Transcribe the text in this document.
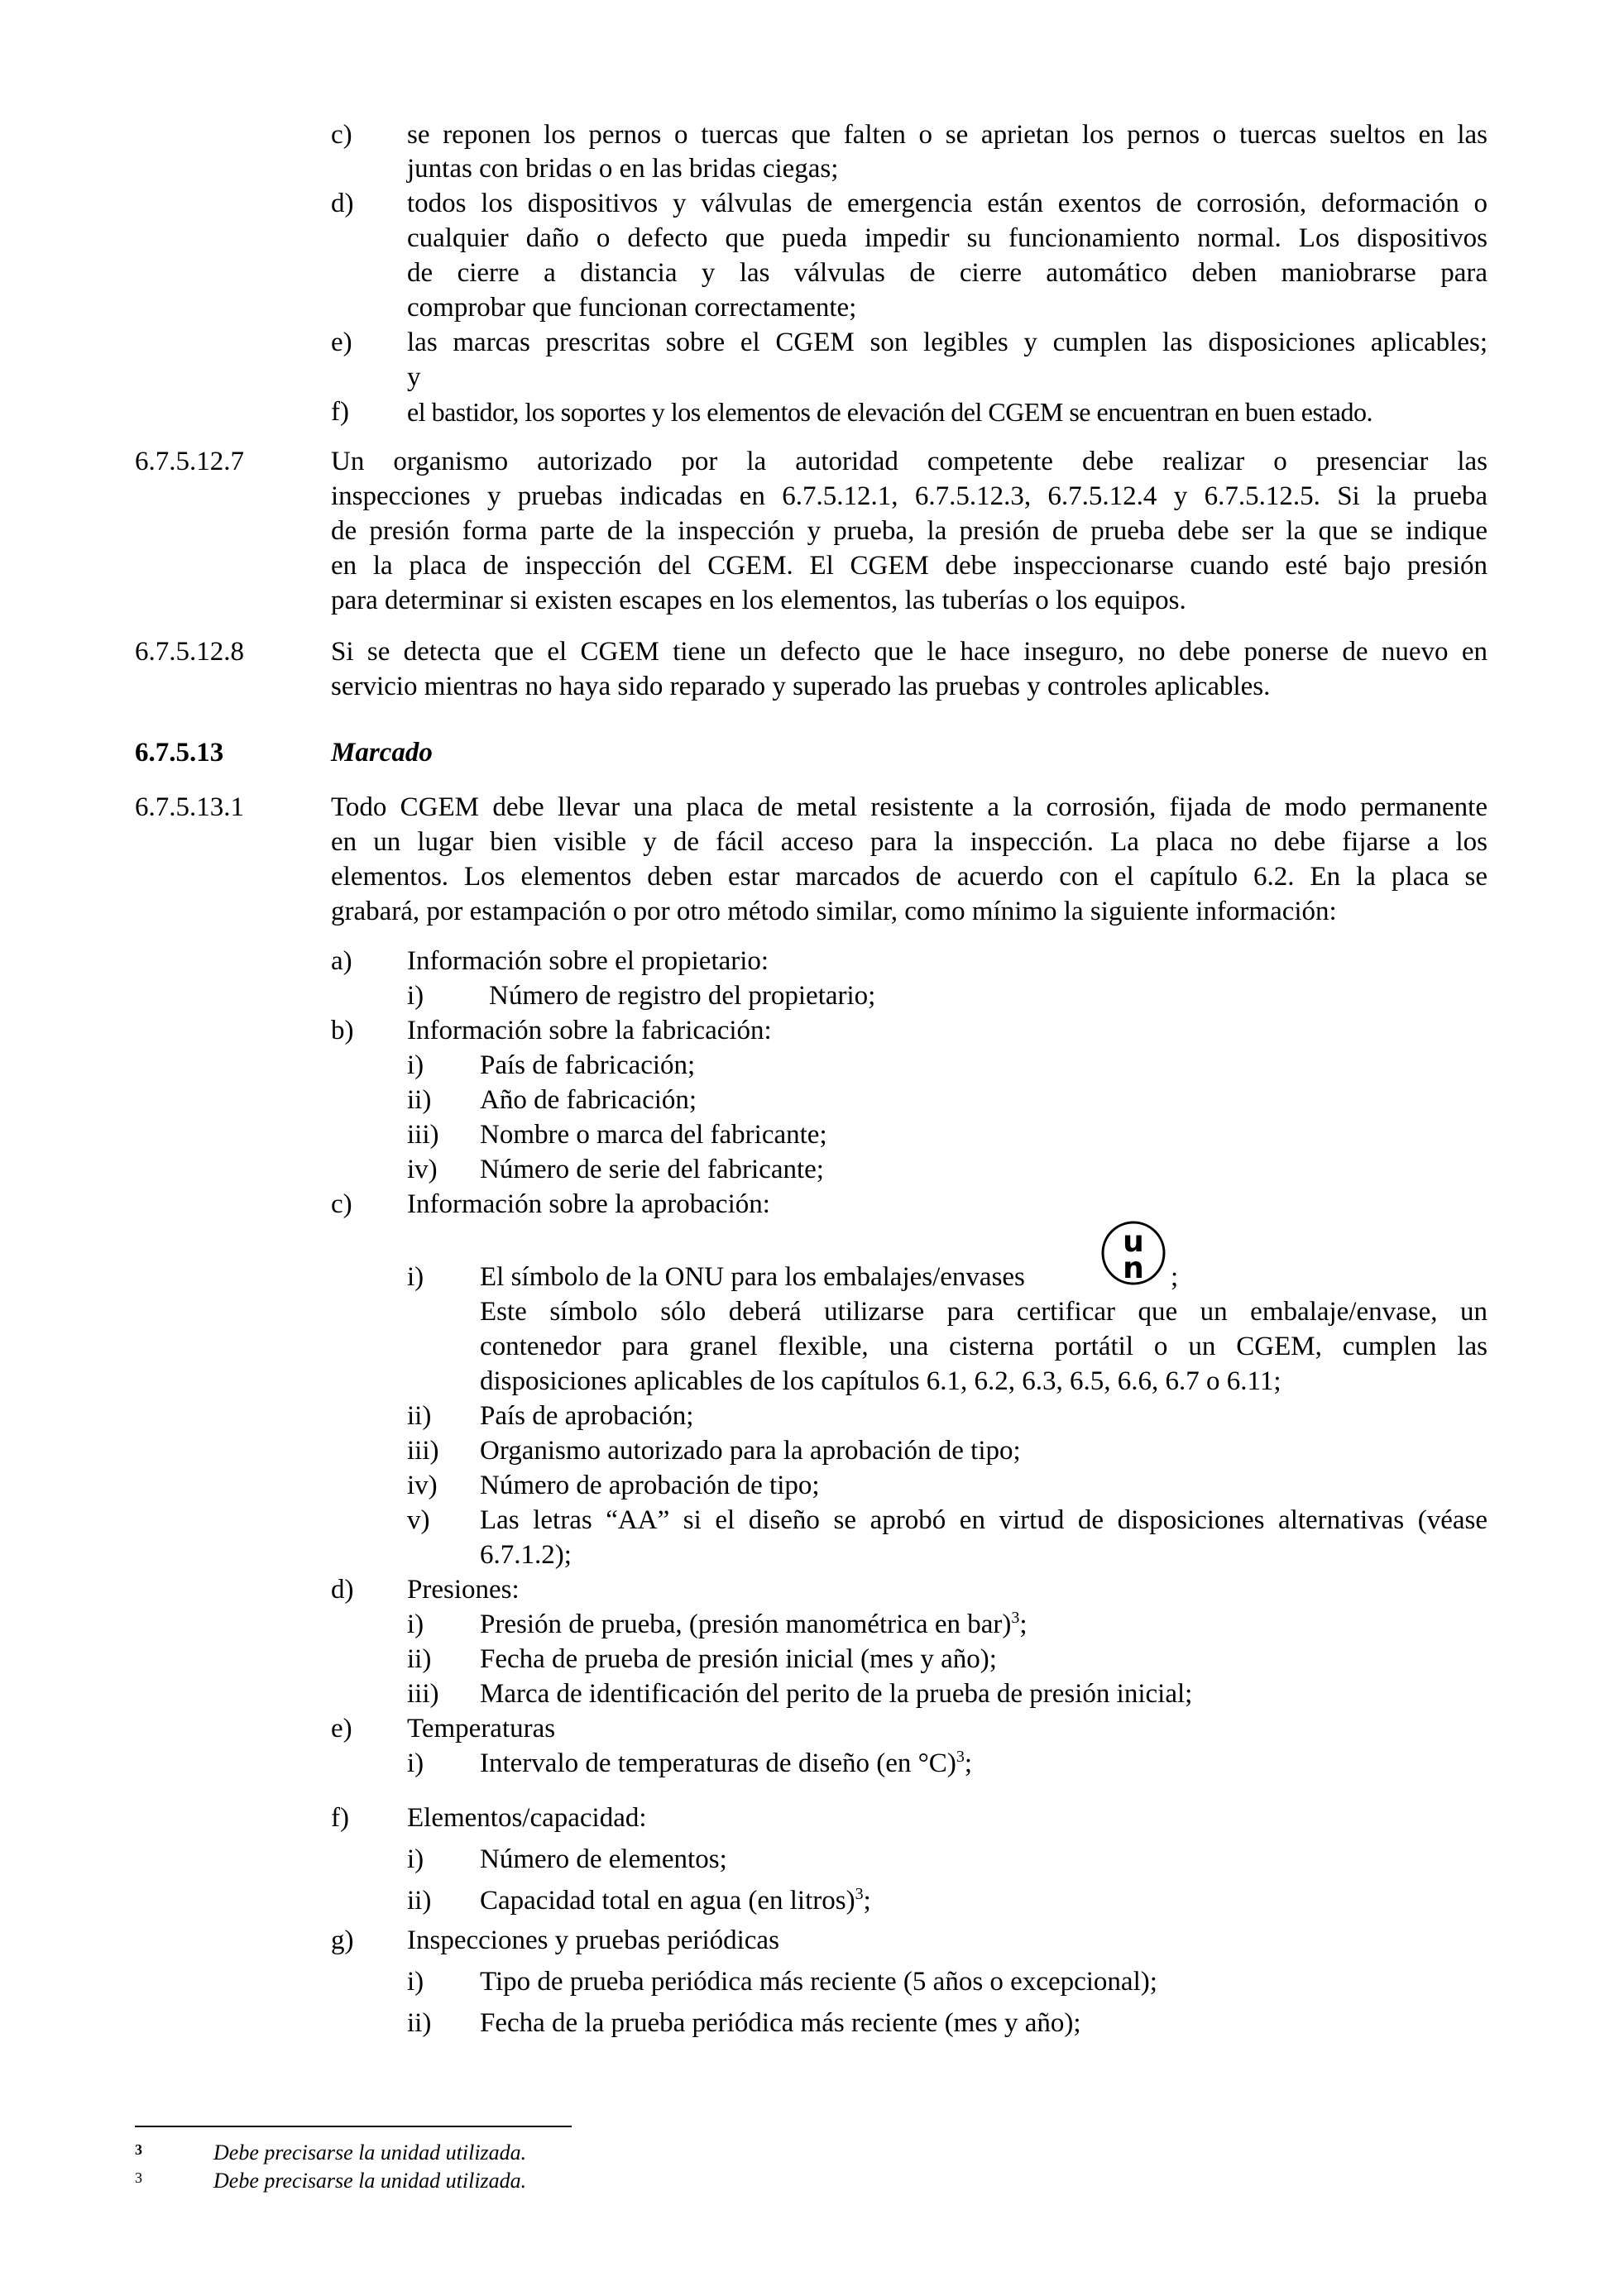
c) se reponen los pernos o tuercas que falten o se aprietan los pernos o tuercas sueltos en las
juntas con bridas o en las bridas ciegas;
d) todos los dispositivos y válvulas de emergencia están exentos de corrosión, deformación o
cualquier daño o defecto que pueda impedir su funcionamiento normal. Los dispositivos
de cierre a distancia y las válvulas de cierre automático deben maniobrarse para
comprobar que funcionan correctamente;
e) las marcas prescritas sobre el CGEM son legibles y cumplen las disposiciones aplicables;
y
f) el bastidor, los soportes y los elementos de elevación del CGEM se encuentran en buen estado.
6.7.5.12.7	Un organismo autorizado por la autoridad competente debe realizar o presenciar las
inspecciones y pruebas indicadas en 6.7.5.12.1, 6.7.5.12.3, 6.7.5.12.4 y 6.7.5.12.5. Si la prueba
de presión forma parte de la inspección y prueba, la presión de prueba debe ser la que se indique
en la placa de inspección del CGEM. El CGEM debe inspeccionarse cuando esté bajo presión
para determinar si existen escapes en los elementos, las tuberías o los equipos.
6.7.5.12.8	Si se detecta que el CGEM tiene un defecto que le hace inseguro, no debe ponerse de nuevo en
servicio mientras no haya sido reparado y superado las pruebas y controles aplicables.
6.7.5.13	Marcado
6.7.5.13.1	Todo CGEM debe llevar una placa de metal resistente a la corrosión, fijada de modo permanente
en un lugar bien visible y de fácil acceso para la inspección. La placa no debe fijarse a los
elementos. Los elementos deben estar marcados de acuerdo con el capítulo 6.2. En la placa se
grabará, por estampación o por otro método similar, como mínimo la siguiente información:
a) Información sobre el propietario:
i) Número de registro del propietario;
b) Información sobre la fabricación:
i) País de fabricación;
ii) Año de fabricación;
iii) Nombre o marca del fabricante;
iv) Número de serie del fabricante;
c) Información sobre la aprobación:
i) El símbolo de la ONU para los embalajes/envases
u
n ;
Este símbolo sólo deberá utilizarse para certificar que un embalaje/envase, un
contenedor para granel flexible, una cisterna portátil o un CGEM, cumplen las
disposiciones aplicables de los capítulos 6.1, 6.2, 6.3, 6.5, 6.6, 6.7 o 6.11;
ii) País de aprobación;
iii) Organismo autorizado para la aprobación de tipo;
iv) Número de aprobación de tipo;
v) Las letras “AA” si el diseño se aprobó en virtud de disposiciones alternativas (véase
6.7.1.2);
d) Presiones:
i) Presión de prueba, (presión manométrica en bar)$^3$;
ii) Fecha de prueba de presión inicial (mes y año);
iii) Marca de identificación del perito de la prueba de presión inicial;
e) Temperaturas
i) Intervalo de temperaturas de diseño (en °C)$^3$;
f) Elementos/capacidad:
i) Número de elementos;
ii) Capacidad total en agua (en litros)$^3$;
g) Inspecciones y pruebas periódicas
i) Tipo de prueba periódica más reciente (5 años o excepcional);
ii) Fecha de la prueba periódica más reciente (mes y año);
3	Debe precisarse la unidad utilizada.
3	Debe precisarse la unidad utilizada.
